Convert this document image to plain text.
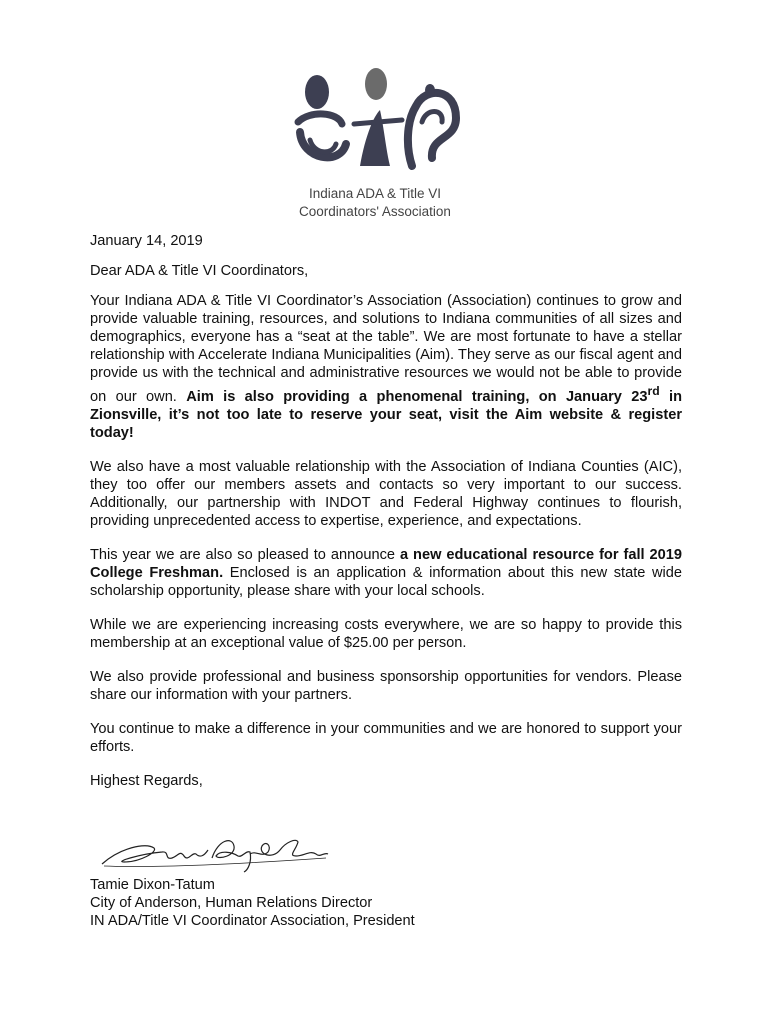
Indiana ADA & Title VI
Coordinators' Association

January 14, 2019

Dear ADA & Title VI Coordinators,

Your Indiana ADA & Title VI Coordinator’s Association (Association) continues to grow and provide valuable training, resources, and solutions to Indiana communities of all sizes and demographics, everyone has a “seat at the table”. We are most fortunate to have a stellar relationship with Accelerate Indiana Municipalities (Aim). They serve as our fiscal agent and provide us with the technical and administrative resources we would not be able to provide on our own. Aim is also providing a phenomenal training, on January 23rd in Zionsville, it’s not too late to reserve your seat, visit the Aim website & register today!

We also have a most valuable relationship with the Association of Indiana Counties (AIC), they too offer our members assets and contacts so very important to our success. Additionally, our partnership with INDOT and Federal Highway continues to flourish, providing unprecedented access to expertise, experience, and expectations.

This year we are also so pleased to announce a new educational resource for fall 2019 College Freshman. Enclosed is an application & information about this new state wide scholarship opportunity, please share with your local schools.

While we are experiencing increasing costs everywhere, we are so happy to provide this membership at an exceptional value of $25.00 per person.

We also provide professional and business sponsorship opportunities for vendors. Please share our information with your partners.

You continue to make a difference in your communities and we are honored to support your efforts.

Highest Regards,

Tamie Dixon-Tatum
City of Anderson, Human Relations Director
IN ADA/Title VI Coordinator Association, President
